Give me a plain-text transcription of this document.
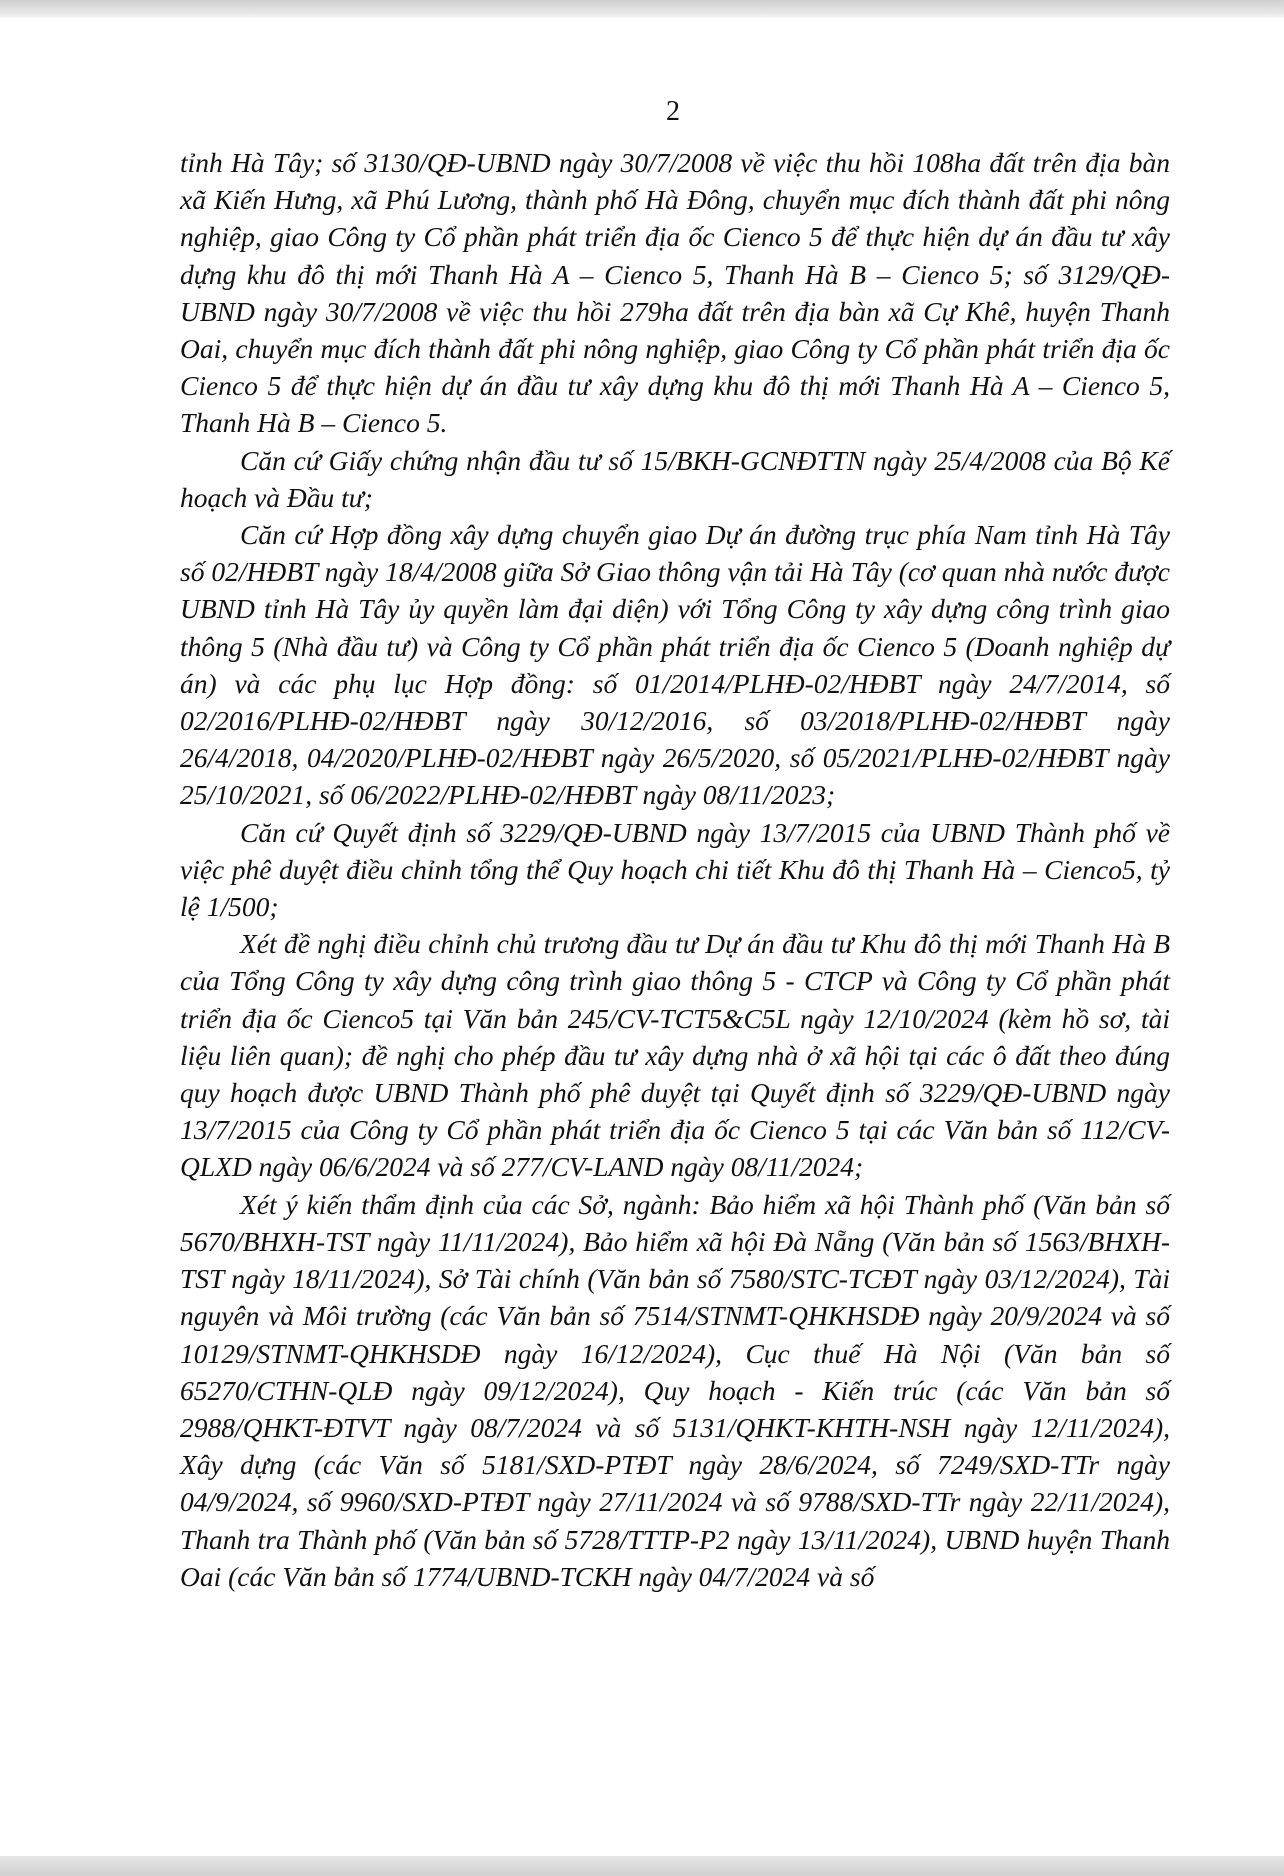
2

tỉnh Hà Tây; số 3130/QĐ-UBND ngày 30/7/2008 về việc thu hồi 108ha đất trên địa bàn xã Kiến Hưng, xã Phú Lương, thành phố Hà Đông, chuyển mục đích thành đất phi nông nghiệp, giao Công ty Cổ phần phát triển địa ốc Cienco 5 để thực hiện dự án đầu tư xây dựng khu đô thị mới Thanh Hà A – Cienco 5, Thanh Hà B – Cienco 5; số 3129/QĐ-UBND ngày 30/7/2008 về việc thu hồi 279ha đất trên địa bàn xã Cự Khê, huyện Thanh Oai, chuyển mục đích thành đất phi nông nghiệp, giao Công ty Cổ phần phát triển địa ốc Cienco 5 để thực hiện dự án đầu tư xây dựng khu đô thị mới Thanh Hà A – Cienco 5, Thanh Hà B – Cienco 5.

Căn cứ Giấy chứng nhận đầu tư số 15/BKH-GCNĐTTN ngày 25/4/2008 của Bộ Kế hoạch và Đầu tư;

Căn cứ Hợp đồng xây dựng chuyển giao Dự án đường trục phía Nam tỉnh Hà Tây số 02/HĐBT ngày 18/4/2008 giữa Sở Giao thông vận tải Hà Tây (cơ quan nhà nước được UBND tỉnh Hà Tây ủy quyền làm đại diện) với Tổng Công ty xây dựng công trình giao thông 5 (Nhà đầu tư) và Công ty Cổ phần phát triển địa ốc Cienco 5 (Doanh nghiệp dự án) và các phụ lục Hợp đồng: số 01/2014/PLHĐ-02/HĐBT ngày 24/7/2014, số 02/2016/PLHĐ-02/HĐBT ngày 30/12/2016, số 03/2018/PLHĐ-02/HĐBT ngày 26/4/2018, 04/2020/PLHĐ-02/HĐBT ngày 26/5/2020, số 05/2021/PLHĐ-02/HĐBT ngày 25/10/2021, số 06/2022/PLHĐ-02/HĐBT ngày 08/11/2023;

Căn cứ Quyết định số 3229/QĐ-UBND ngày 13/7/2015 của UBND Thành phố về việc phê duyệt điều chỉnh tổng thể Quy hoạch chi tiết Khu đô thị Thanh Hà – Cienco5, tỷ lệ 1/500;

Xét đề nghị điều chỉnh chủ trương đầu tư Dự án đầu tư Khu đô thị mới Thanh Hà B của Tổng Công ty xây dựng công trình giao thông 5 - CTCP và Công ty Cổ phần phát triển địa ốc Cienco5 tại Văn bản 245/CV-TCT5&C5L ngày 12/10/2024 (kèm hồ sơ, tài liệu liên quan); đề nghị cho phép đầu tư xây dựng nhà ở xã hội tại các ô đất theo đúng quy hoạch được UBND Thành phố phê duyệt tại Quyết định số 3229/QĐ-UBND ngày 13/7/2015 của Công ty Cổ phần phát triển địa ốc Cienco 5 tại các Văn bản số 112/CV-QLXD ngày 06/6/2024 và số 277/CV-LAND ngày 08/11/2024;

Xét ý kiến thẩm định của các Sở, ngành: Bảo hiểm xã hội Thành phố (Văn bản số 5670/BHXH-TST ngày 11/11/2024), Bảo hiểm xã hội Đà Nẵng (Văn bản số 1563/BHXH-TST ngày 18/11/2024), Sở Tài chính (Văn bản số 7580/STC-TCĐT ngày 03/12/2024), Tài nguyên và Môi trường (các Văn bản số 7514/STNMT-QHKHSDĐ ngày 20/9/2024 và số 10129/STNMT-QHKHSDĐ ngày 16/12/2024), Cục thuế Hà Nội (Văn bản số 65270/CTHN-QLĐ ngày 09/12/2024), Quy hoạch - Kiến trúc (các Văn bản số 2988/QHKT-ĐTVT ngày 08/7/2024 và số 5131/QHKT-KHTH-NSH ngày 12/11/2024), Xây dựng (các Văn số 5181/SXD-PTĐT ngày 28/6/2024, số 7249/SXD-TTr ngày 04/9/2024, số 9960/SXD-PTĐT ngày 27/11/2024 và số 9788/SXD-TTr ngày 22/11/2024), Thanh tra Thành phố (Văn bản số 5728/TTTP-P2 ngày 13/11/2024), UBND huyện Thanh Oai (các Văn bản số 1774/UBND-TCKH ngày 04/7/2024 và số
